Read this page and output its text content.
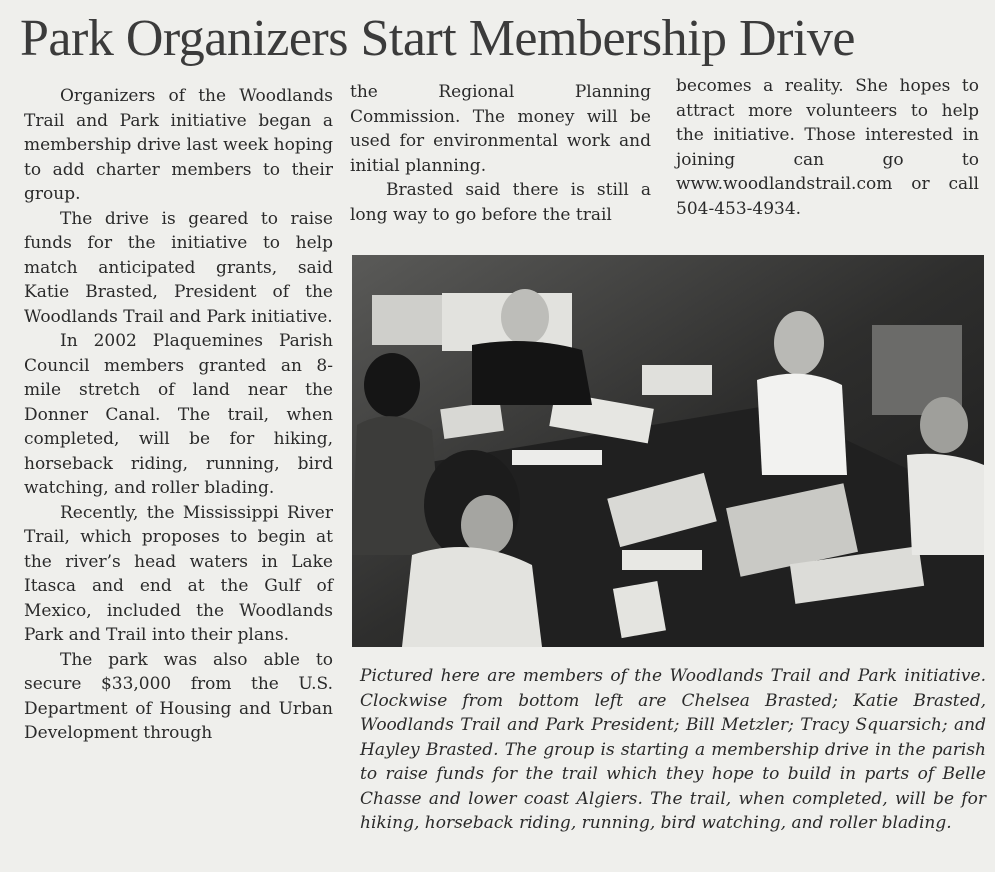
Park Organizers Start Membership Drive

Organizers of the Woodlands Trail and Park initiative began a membership drive last week hoping to add charter members to their group.

The drive is geared to raise funds for the initiative to help match anticipated grants, said Katie Brasted, President of the Woodlands Trail and Park initiative.

In 2002 Plaquemines Parish Council members granted an 8-mile stretch of land near the Donner Canal. The trail, when completed, will be for hiking, horseback riding, running, bird watching, and roller blading.

Recently, the Mississippi River Trail, which proposes to begin at the river’s head waters in Lake Itasca and end at the Gulf of Mexico, included the Woodlands Park and Trail into their plans.

The park was also able to secure $33,000 from the U.S. Department of Housing and Urban Development through

the Regional Planning Commission. The money will be used for environmental work and initial planning.

Brasted said there is still a long way to go before the trail

becomes a reality. She hopes to attract more volunteers to help the initiative. Those interested in joining can go to www.woodlandstrail.com or call 504-453-4934.

Pictured here are members of the Woodlands Trail and Park initiative. Clockwise from bottom left are Chelsea Brasted; Katie Brasted, Woodlands Trail and Park President; Bill Metzler; Tracy Squarsich; and Hayley Brasted. The group is starting a membership drive in the parish to raise funds for the trail which they hope to build in parts of Belle Chasse and lower coast Algiers. The trail, when completed, will be for hiking, horseback riding, running, bird watching, and roller blading.
